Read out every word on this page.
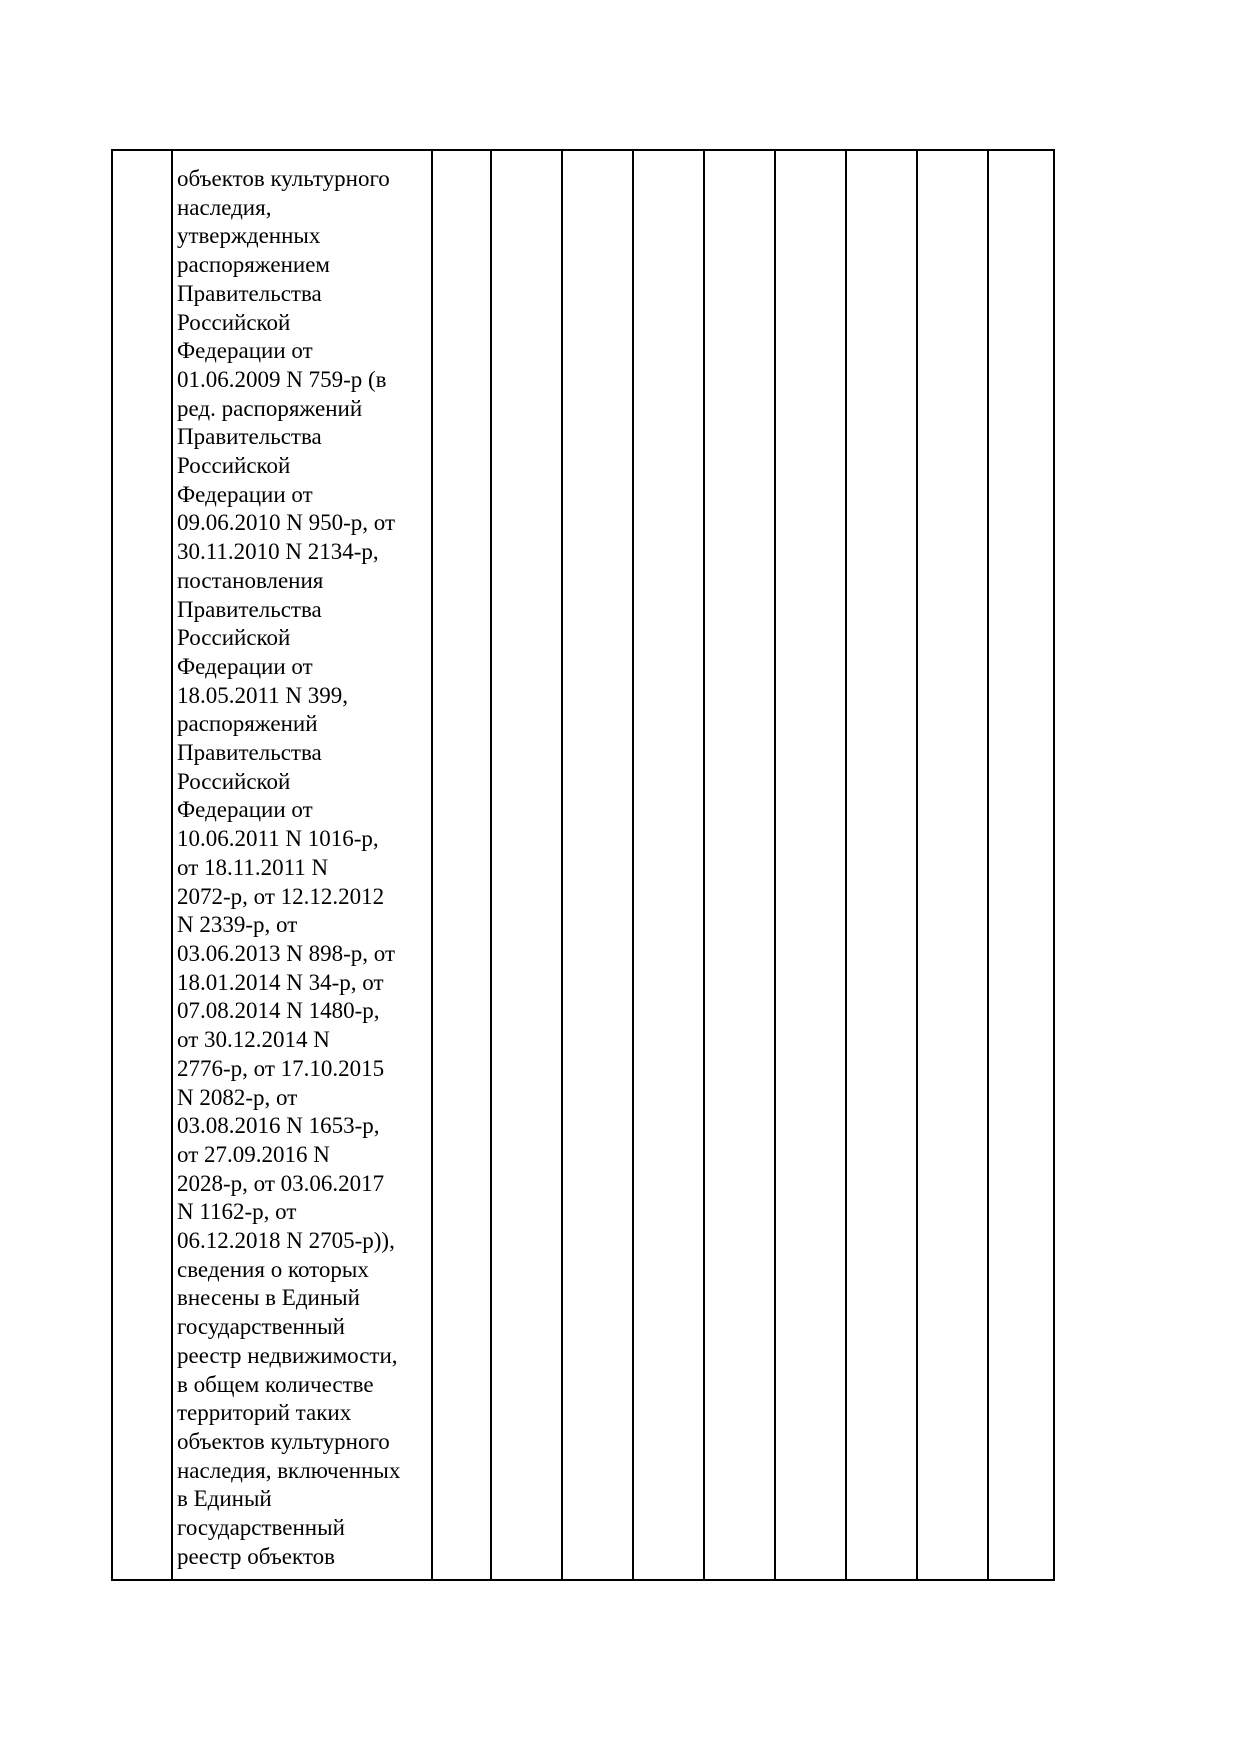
объектов культурного
наследия,
утвержденных
распоряжением
Правительства
Российской
Федерации от
01.06.2009 N 759-р (в
ред. распоряжений
Правительства
Российской
Федерации от
09.06.2010 N 950-р, от
30.11.2010 N 2134-р,
постановления
Правительства
Российской
Федерации от
18.05.2011 N 399,
распоряжений
Правительства
Российской
Федерации от
10.06.2011 N 1016-р,
от 18.11.2011 N
2072-р, от 12.12.2012
N 2339-р, от
03.06.2013 N 898-р, от
18.01.2014 N 34-р, от
07.08.2014 N 1480-р,
от 30.12.2014 N
2776-р, от 17.10.2015
N 2082-р, от
03.08.2016 N 1653-р,
от 27.09.2016 N
2028-р, от 03.06.2017
N 1162-р, от
06.12.2018 N 2705-р)),
сведения о которых
внесены в Единый
государственный
реестр недвижимости,
в общем количестве
территорий таких
объектов культурного
наследия, включенных
в Единый
государственный
реестр объектов
